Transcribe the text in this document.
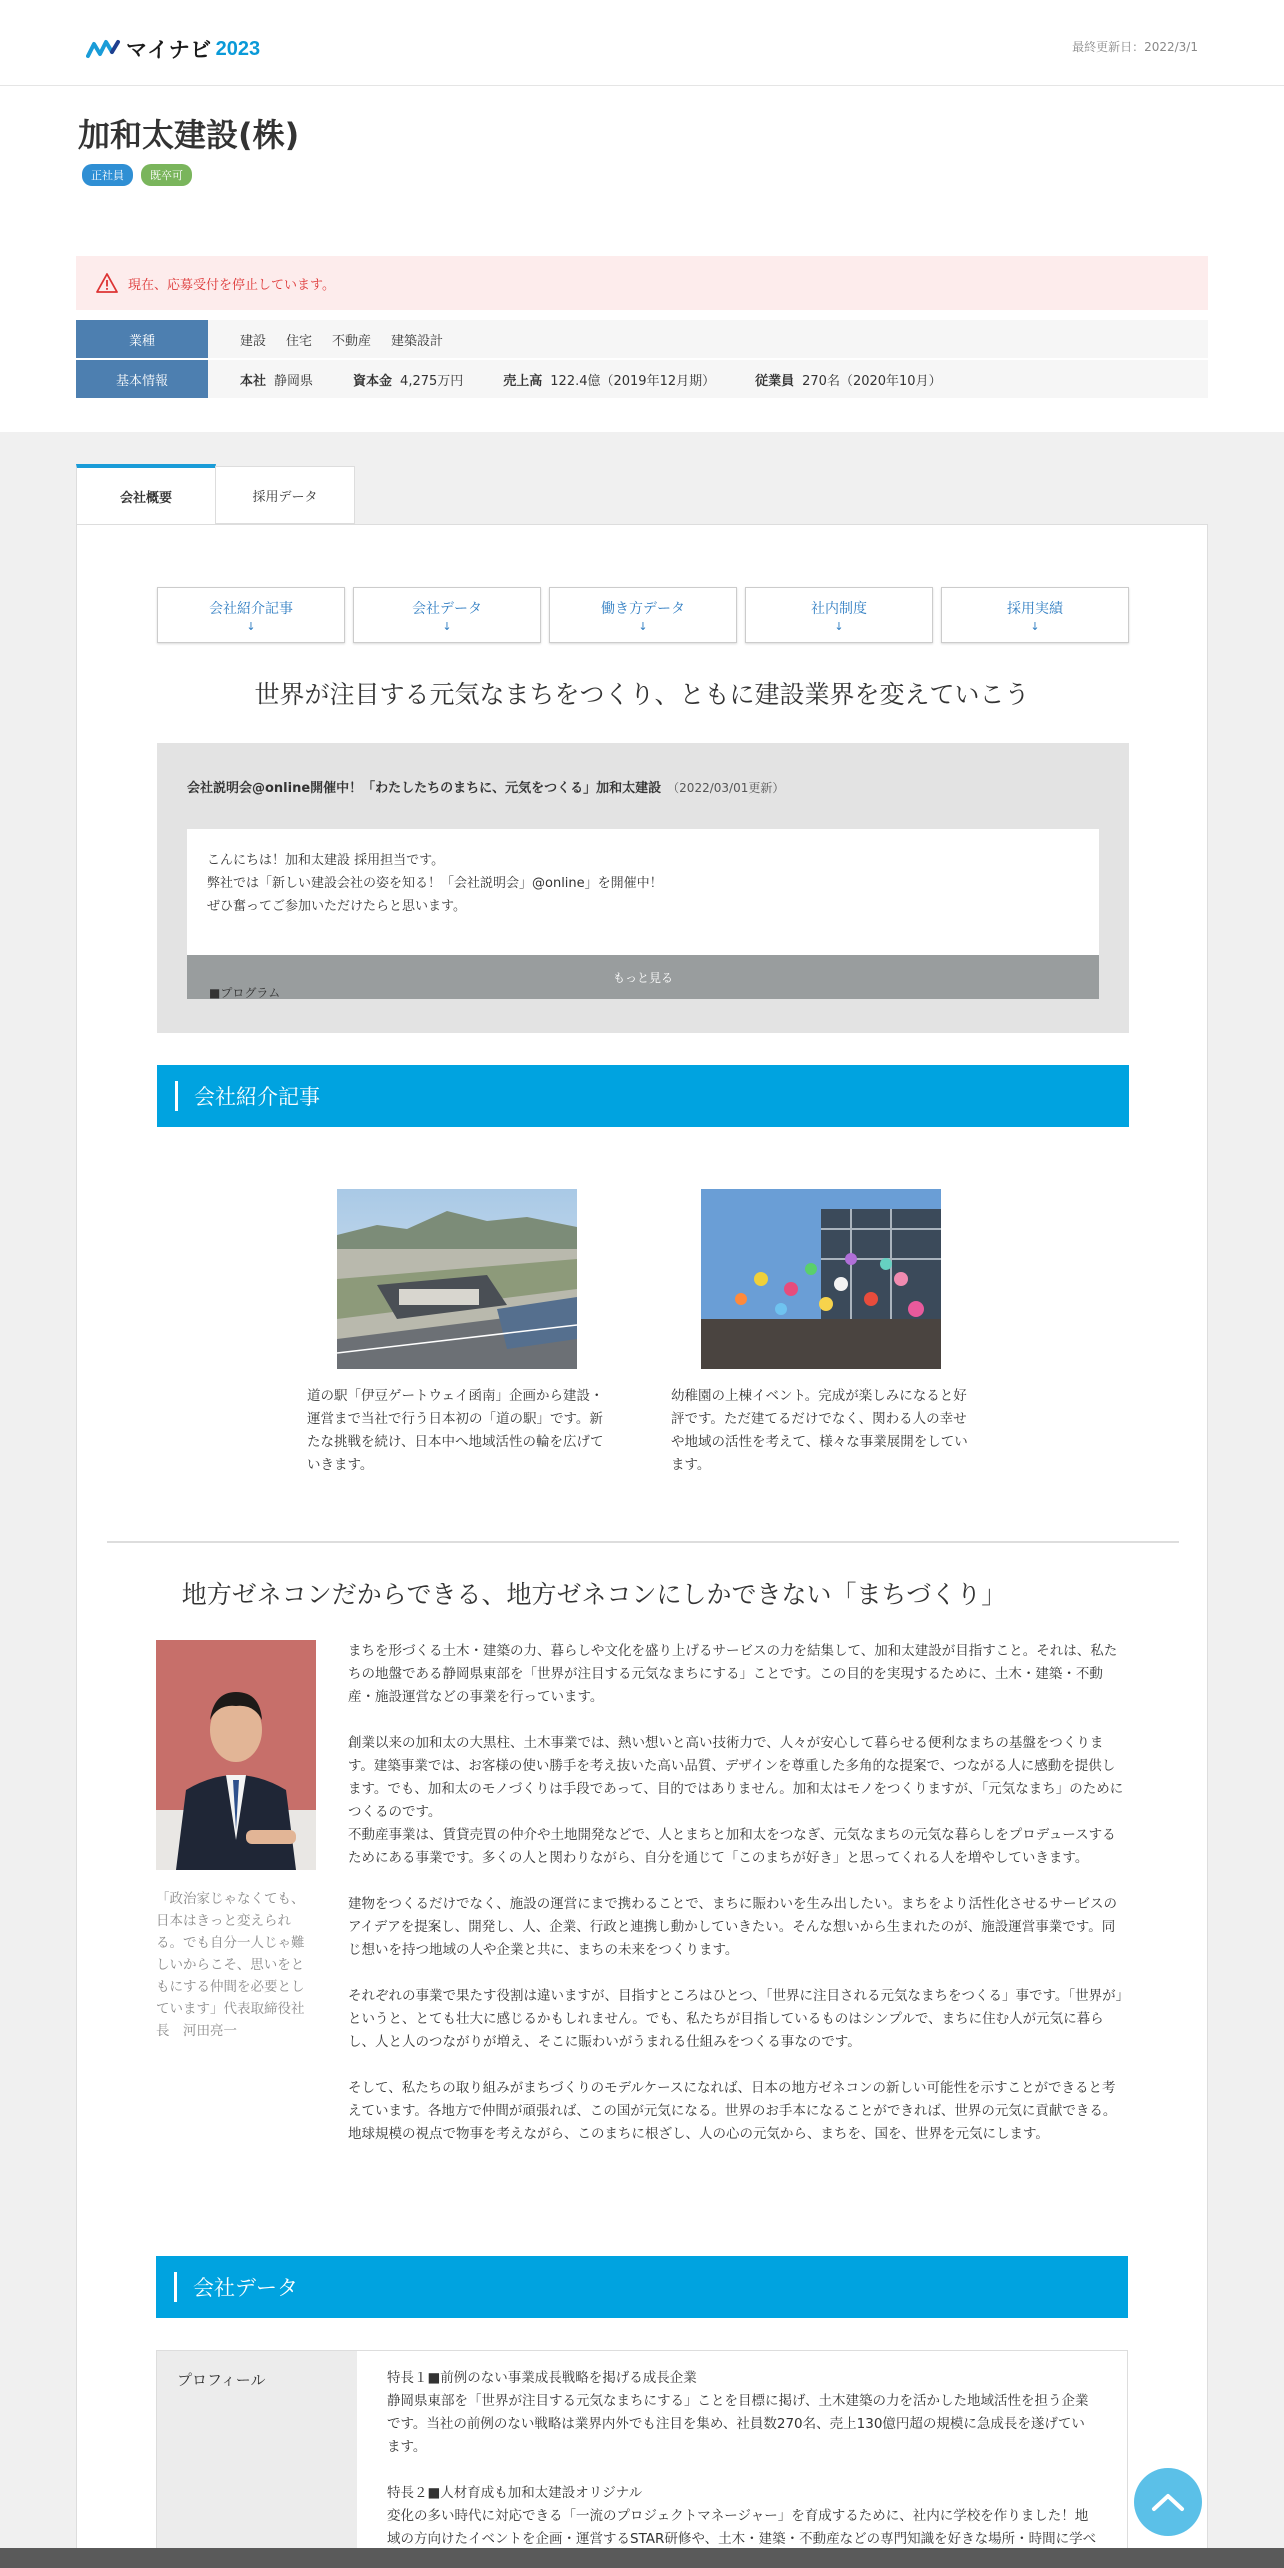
マイナビ 2023	最終更新日：2022/3/1
加和太建設(株)
正社員	既卒可
現在、応募受付を停止しています。
業種	建設 住宅 不動産 建築設計
基本情報	本社 静岡県	資本金 4,275万円	売上高 122.4億（2019年12月期）	従業員 270名（2020年10月）
会社概要	採用データ
会社紹介記事
↓
会社データ
↓
働き方データ
↓
社内制度
↓
採用実績
↓
世界が注目する元気なまちをつくり、ともに建設業界を変えていこう
会社説明会@online開催中！「わたしたちのまちに、元気をつくる」加和太建設 （2022/03/01更新）
こんにちは！加和太建設 採用担当です。
弊社では「新しい建設会社の姿を知る！「会社説明会」@online」を開催中！
ぜひ奮ってご参加いただけたらと思います。
もっと見る
■プログラム
会社紹介記事
道の駅「伊豆ゲートウェイ函南」企画から建設・運営まで当社で行う日本初の「道の駅」です。新たな挑戦を続け、日本中へ地域活性の輪を広げていきます。
幼稚園の上棟イベント。完成が楽しみになると好評です。ただ建てるだけでなく、関わる人の幸せや地域の活性を考えて、様々な事業展開をしています。
地方ゼネコンだからできる、地方ゼネコンにしかできない「まちづくり」
「政治家じゃなくても、日本はきっと変えられる。でも自分一人じゃ難しいからこそ、思いをともにする仲間を必要としています」代表取締役社長　河田亮一

まちを形づくる土木・建築の力、暮らしや文化を盛り上げるサービスの力を結集して、加和太建設が目指すこと。それは、私たちの地盤である静岡県東部を「世界が注目する元気なまちにする」ことです。この目的を実現するために、土木・建築・不動産・施設運営などの事業を行っています。

創業以来の加和太の大黒柱、土木事業では、熱い想いと高い技術力で、人々が安心して暮らせる便利なまちの基盤をつくります。建築事業では、お客様の使い勝手を考え抜いた高い品質、デザインを尊重した多角的な提案で、つながる人に感動を提供します。でも、加和太のモノづくりは手段であって、目的ではありません。加和太はモノをつくりますが、「元気なまち」のためにつくるのです。
不動産事業は、賃貸売買の仲介や土地開発などで、人とまちと加和太をつなぎ、元気なまちの元気な暮らしをプロデュースするためにある事業です。多くの人と関わりながら、自分を通じて「このまちが好き」と思ってくれる人を増やしていきます。

建物をつくるだけでなく、施設の運営にまで携わることで、まちに賑わいを生み出したい。まちをより活性化させるサービスのアイデアを提案し、開発し、人、企業、行政と連携し動かしていきたい。そんな想いから生まれたのが、施設運営事業です。同じ想いを持つ地域の人や企業と共に、まちの未来をつくります。

それぞれの事業で果たす役割は違いますが、目指すところはひとつ、「世界に注目される元気なまちをつくる」事です。「世界が」というと、とても壮大に感じるかもしれません。でも、私たちが目指しているものはシンプルで、まちに住む人が元気に暮らし、人と人のつながりが増え、そこに賑わいがうまれる仕組みをつくる事なのです。

そして、私たちの取り組みがまちづくりのモデルケースになれば、日本の地方ゼネコンの新しい可能性を示すことができると考えています。各地方で仲間が頑張れば、この国が元気になる。世界のお手本になることができれば、世界の元気に貢献できる。地球規模の視点で物事を考えながら、このまちに根ざし、人の心の元気から、まちを、国を、世界を元気にします。

会社データ
プロフィール	特長１■前例のない事業成長戦略を掲げる成長企業
静岡県東部を「世界が注目する元気なまちにする」ことを目標に掲げ、土木建築の力を活かした地域活性を担う企業です。当社の前例のない戦略は業界内外でも注目を集め、社員数270名、売上130億円超の規模に急成長を遂げています。

特長２■人材育成も加和太建設オリジナル
変化の多い時代に対応できる「一流のプロジェクトマネージャー」を育成するために、社内に学校を作りました！地域の方向けたイベントを企画・運営するSTAR研修や、土木・建築・不動産などの専門知識を好きな場所・時間に学べ
